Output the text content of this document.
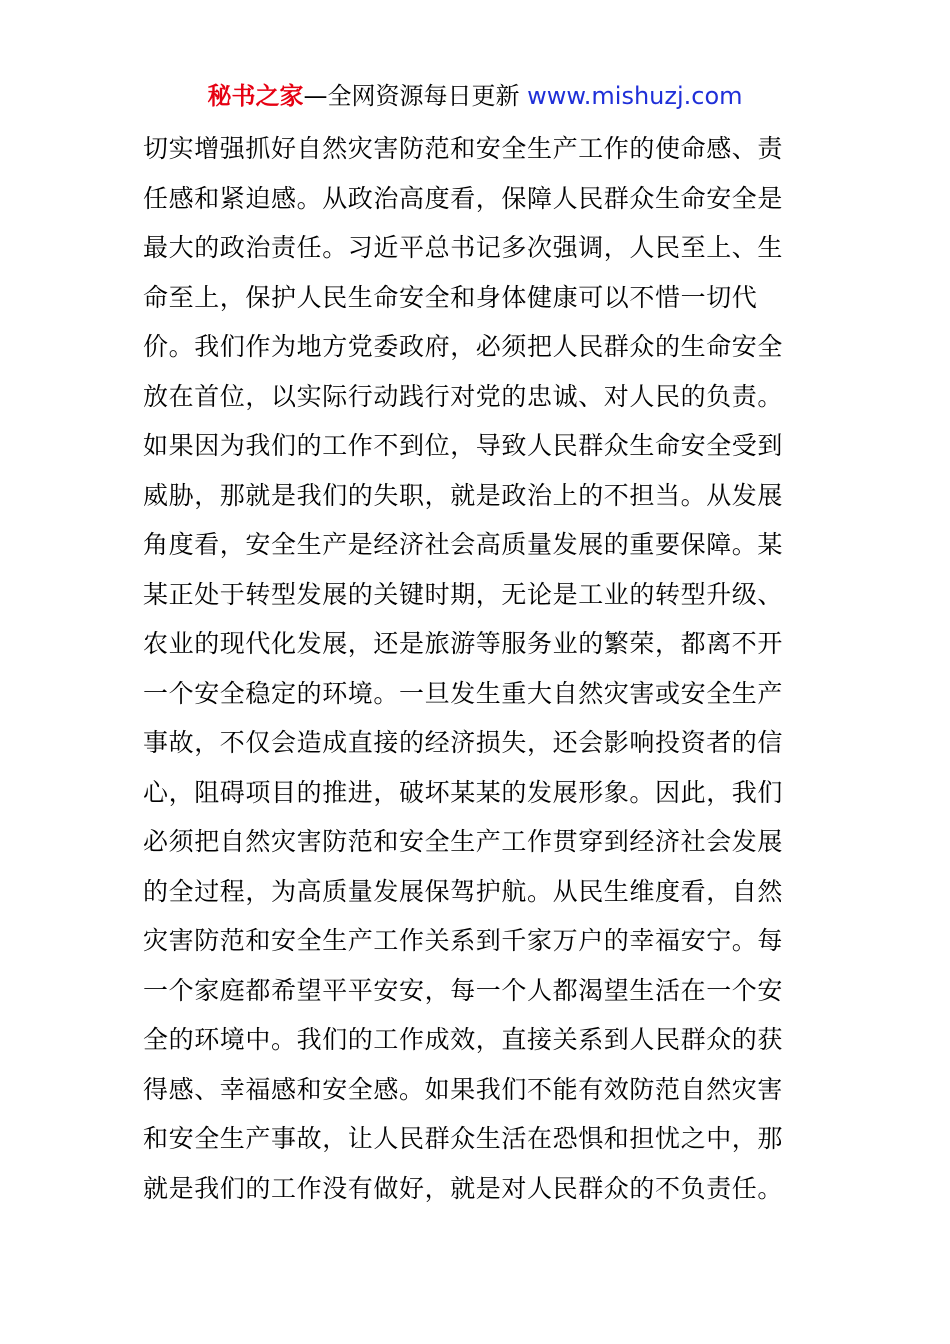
秘书之家—全网资源每日更新 www.mishuzj.com
切实增强抓好自然灾害防范和安全生产工作的使命感、责
任感和紧迫感。从政治高度看，保障人民群众生命安全是
最大的政治责任。习近平总书记多次强调，人民至上、生
命至上，保护人民生命安全和身体健康可以不惜一切代
价。我们作为地方党委政府，必须把人民群众的生命安全
放在首位，以实际行动践行对党的忠诚、对人民的负责。
如果因为我们的工作不到位，导致人民群众生命安全受到
威胁，那就是我们的失职，就是政治上的不担当。从发展
角度看，安全生产是经济社会高质量发展的重要保障。某
某正处于转型发展的关键时期，无论是工业的转型升级、
农业的现代化发展，还是旅游等服务业的繁荣，都离不开
一个安全稳定的环境。一旦发生重大自然灾害或安全生产
事故，不仅会造成直接的经济损失，还会影响投资者的信
心，阻碍项目的推进，破坏某某的发展形象。因此，我们
必须把自然灾害防范和安全生产工作贯穿到经济社会发展
的全过程，为高质量发展保驾护航。从民生维度看，自然
灾害防范和安全生产工作关系到千家万户的幸福安宁。每
一个家庭都希望平平安安，每一个人都渴望生活在一个安
全的环境中。我们的工作成效，直接关系到人民群众的获
得感、幸福感和安全感。如果我们不能有效防范自然灾害
和安全生产事故，让人民群众生活在恐惧和担忧之中，那
就是我们的工作没有做好，就是对人民群众的不负责任。
